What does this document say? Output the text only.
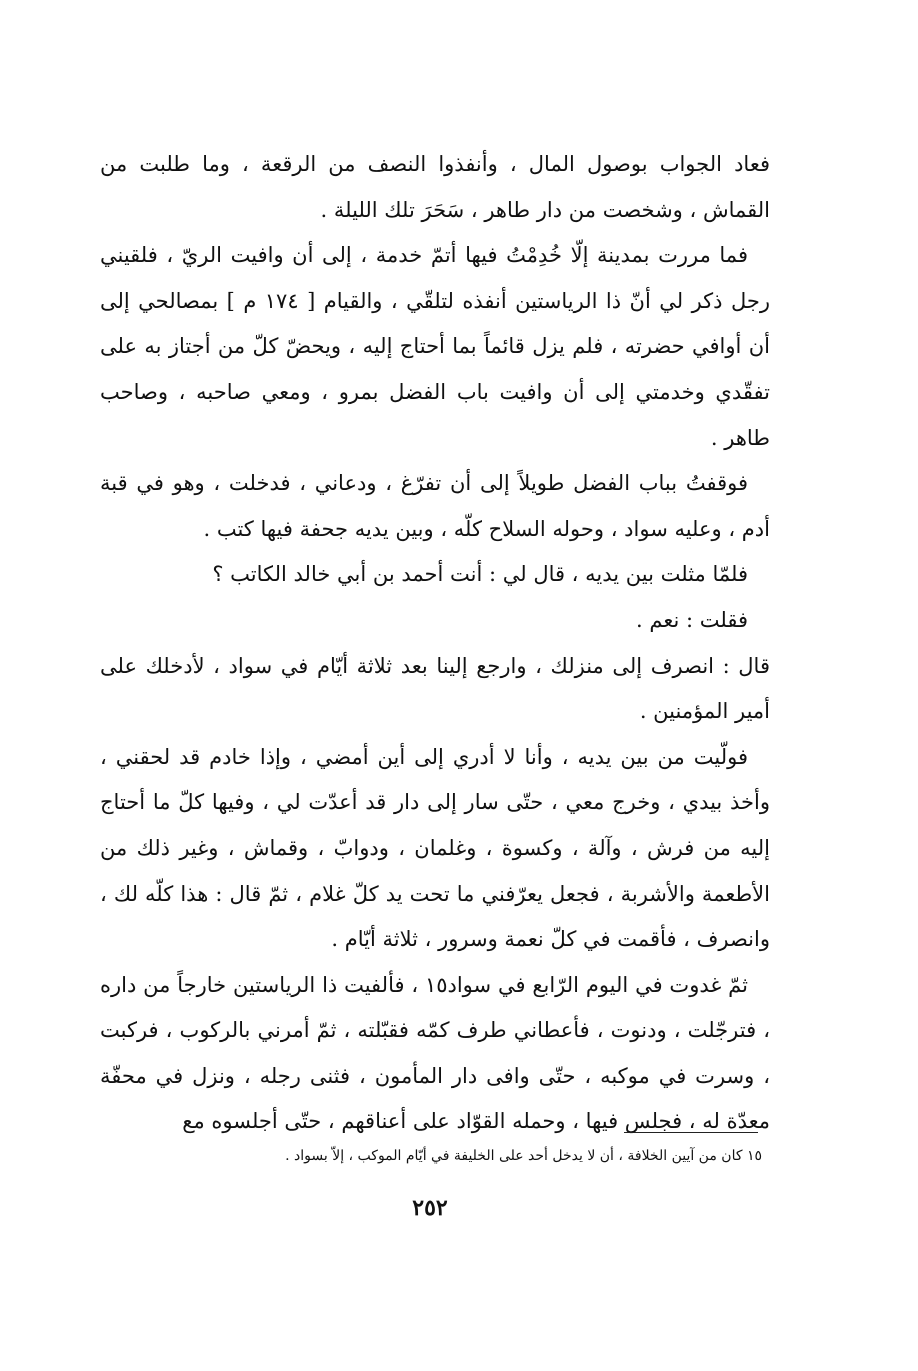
فعاد الجواب بوصول المال ، وأنفذوا النصف من الرقعة ، وما طلبت من القماش ، وشخصت من دار طاهر ، سَحَرَ تلك الليلة .

فما مررت بمدينة إلّا خُدِمْتُ فيها أتمّ خدمة ، إلى أن وافيت الريّ ، فلقيني رجل ذكر لي أنّ ذا الرياستين أنفذه لتلقّي ، والقيام [ ١٧٤ م ] بمصالحي إلى أن أوافي حضرته ، فلم يزل قائماً بما أحتاج إليه ، ويحضّ كلّ من أجتاز به على تفقّدي وخدمتي إلى أن وافيت باب الفضل بمرو ، ومعي صاحبه ، وصاحب طاهر .

فوقفتُ بباب الفضل طويلاً إلى أن تفرّغ ، ودعاني ، فدخلت ، وهو في قبة أدم ، وعليه سواد ، وحوله السلاح كلّه ، وبين يديه جحفة فيها كتب .

فلمّا مثلت بين يديه ، قال لي : أنت أحمد بن أبي خالد الكاتب ؟

فقلت : نعم .

قال : انصرف إلى منزلك ، وارجع إلينا بعد ثلاثة أيّام في سواد ، لأدخلك على أمير المؤمنين .

فولّيت من بين يديه ، وأنا لا أدري إلى أين أمضي ، وإذا خادم قد لحقني ، وأخذ بيدي ، وخرج معي ، حتّى سار إلى دار قد أعدّت لي ، وفيها كلّ ما أحتاج إليه من فرش ، وآلة ، وكسوة ، وغلمان ، ودوابّ ، وقماش ، وغير ذلك من الأطعمة والأشربة ، فجعل يعرّفني ما تحت يد كلّ غلام ، ثمّ قال : هذا كلّه لك ، وانصرف ، فأقمت في كلّ نعمة وسرور ، ثلاثة أيّام .

ثمّ غدوت في اليوم الرّابع في سواد١٥ ، فألفيت ذا الرياستين خارجاً من داره ، فترجّلت ، ودنوت ، فأعطاني طرف كمّه فقبّلته ، ثمّ أمرني بالركوب ، فركبت ، وسرت في موكبه ، حتّى وافى دار المأمون ، فثنى رجله ، ونزل في محفّة معدّة له ، فجلس فيها ، وحمله القوّاد على أعناقهم ، حتّى أجلسوه مع

١٥ كان من آيين الخلافة ، أن لا يدخل أحد على الخليفة في أيّام الموكب ، إلاّ بسواد .
٢٥٢
